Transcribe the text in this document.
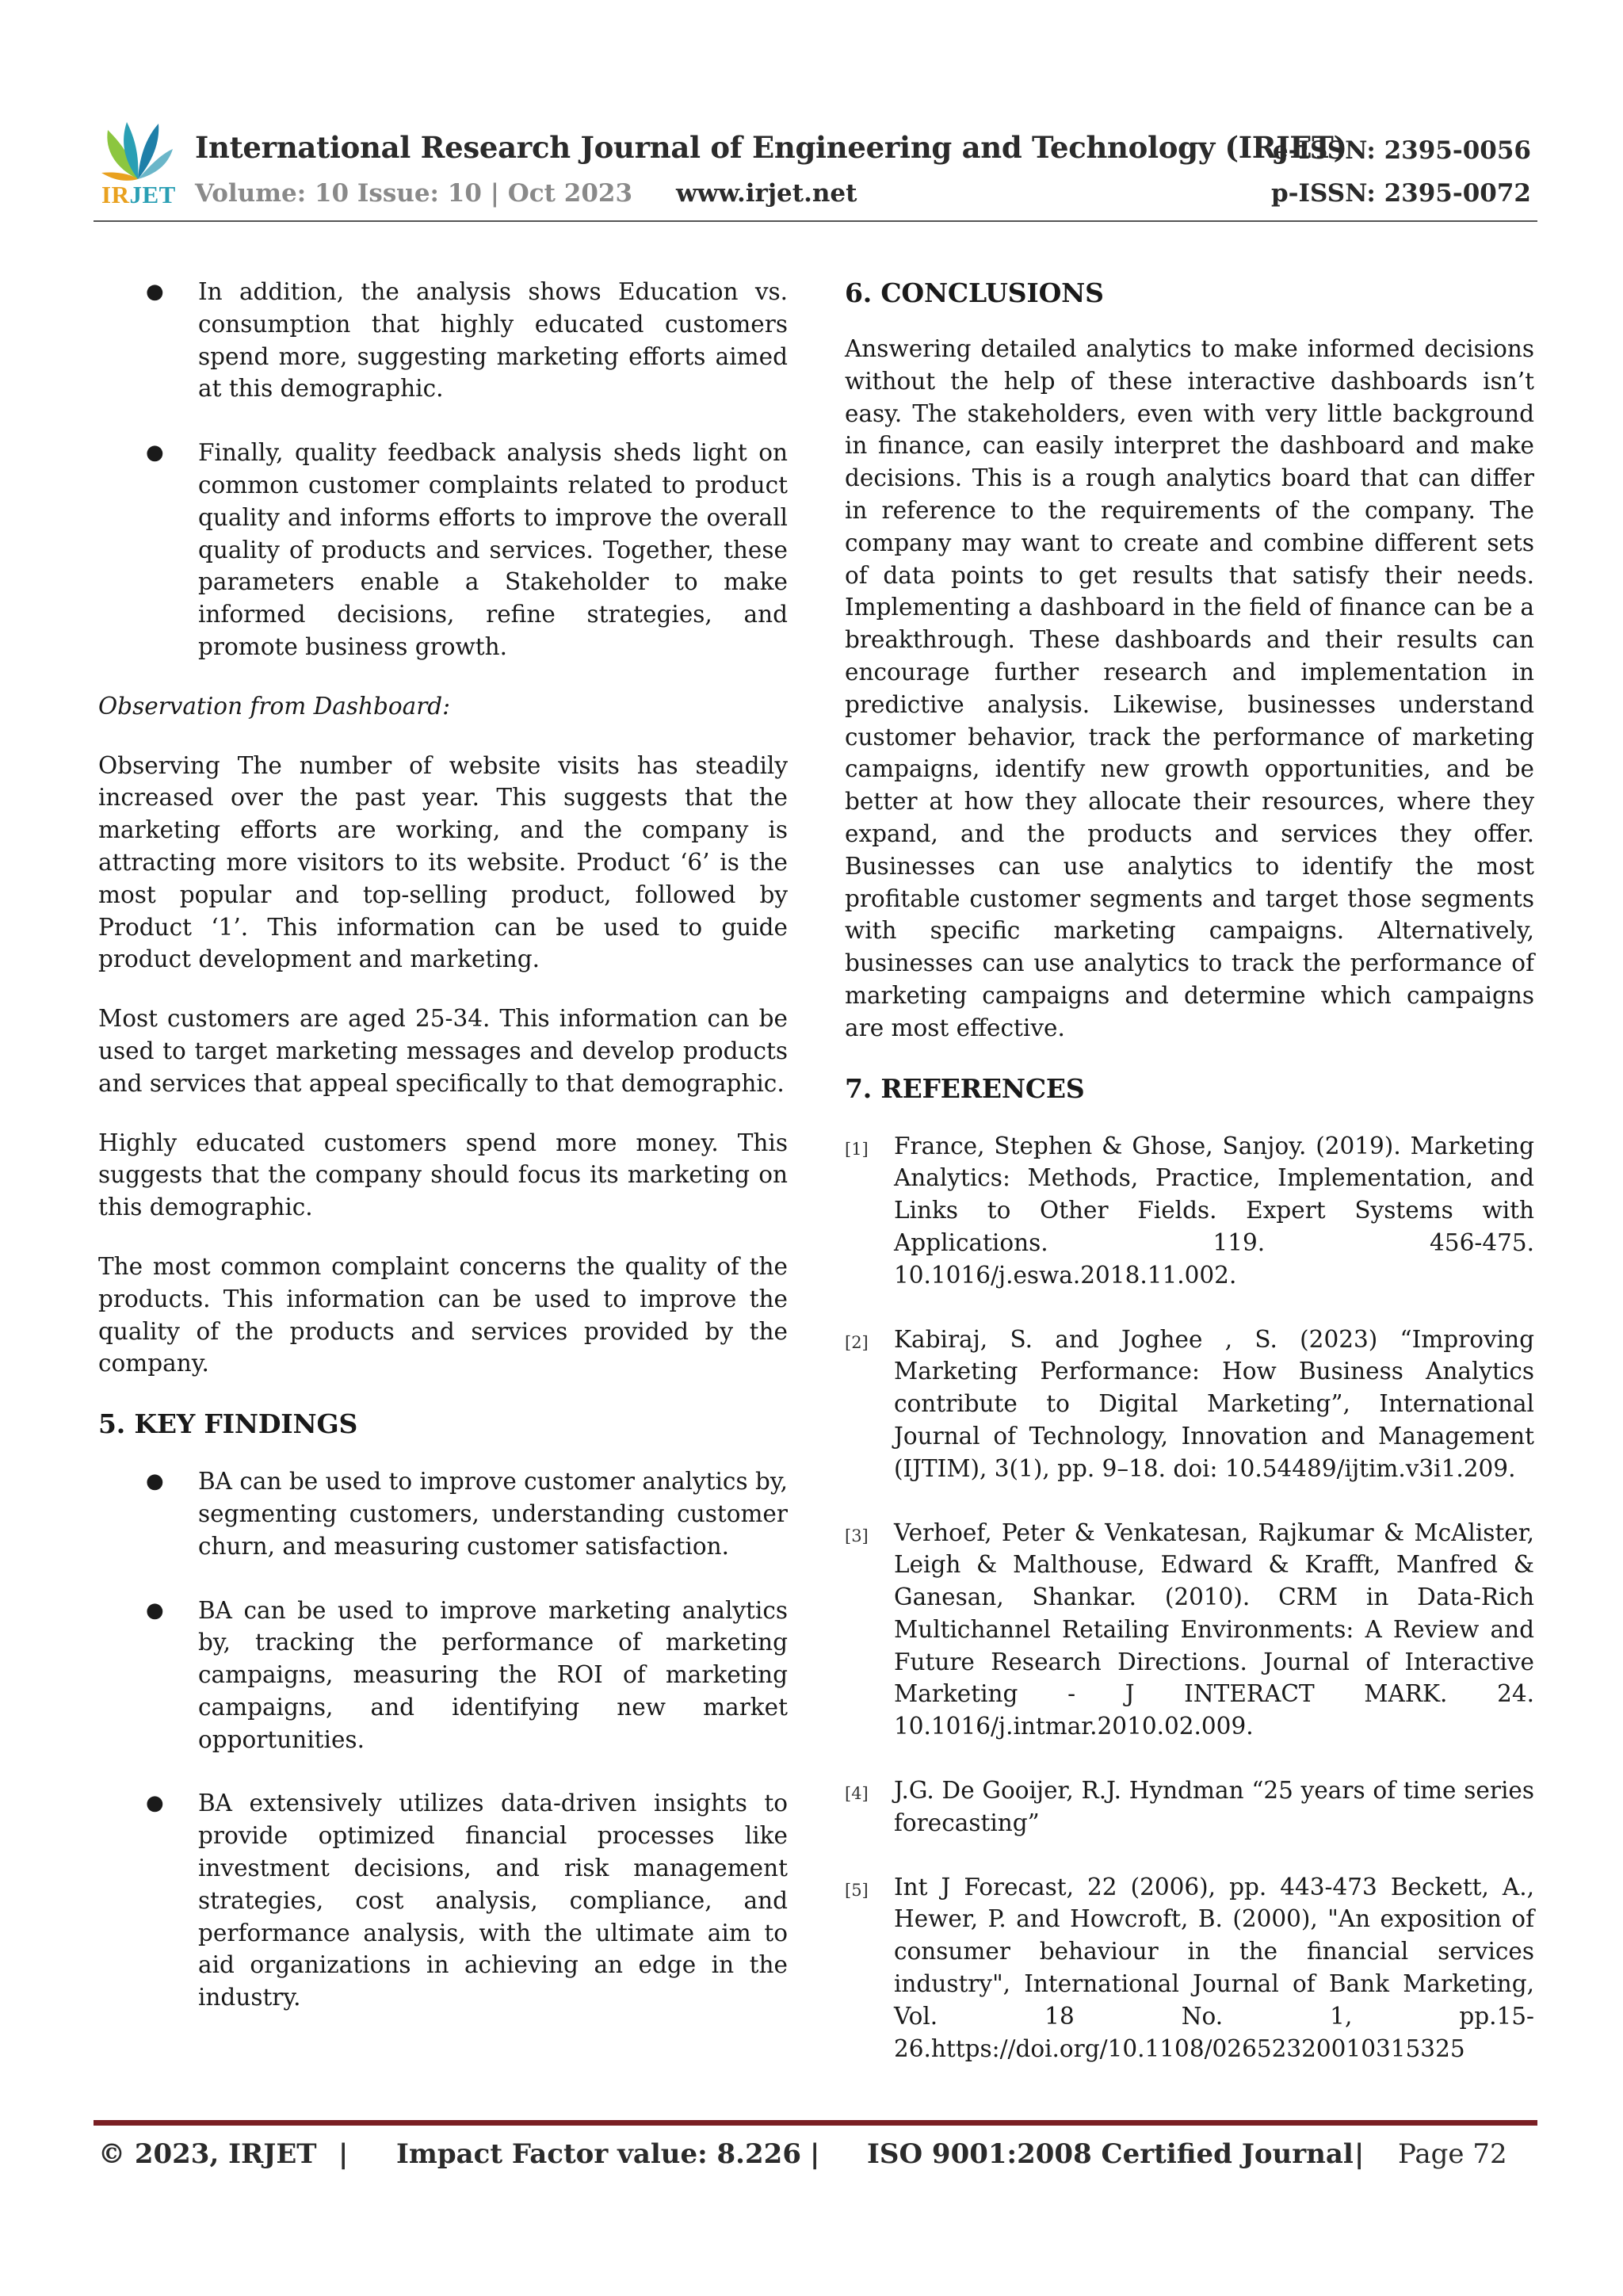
IRJET
International Research Journal of Engineering and Technology (IRJET)
e-ISSN: 2395-0056
Volume: 10 Issue: 10 | Oct 2023 www.irjet.net	p-ISSN: 2395-0072
● In addition, the analysis shows Education vs. consumption that highly educated customers spend more, suggesting marketing efforts aimed at this demographic.
● Finally, quality feedback analysis sheds light on common customer complaints related to product quality and informs efforts to improve the overall quality of products and services. Together, these parameters enable a Stakeholder to make informed decisions, refine strategies, and promote business growth.

Observation from Dashboard:

Observing The number of website visits has steadily increased over the past year. This suggests that the marketing efforts are working, and the company is attracting more visitors to its website. Product ‘6’ is the most popular and top-selling product, followed by Product ‘1’. This information can be used to guide product development and marketing.

Most customers are aged 25-34. This information can be used to target marketing messages and develop products and services that appeal specifically to that demographic.

Highly educated customers spend more money. This suggests that the company should focus its marketing on this demographic.

The most common complaint concerns the quality of the products. This information can be used to improve the quality of the products and services provided by the company.

5. KEY FINDINGS
● BA can be used to improve customer analytics by, segmenting customers, understanding customer churn, and measuring customer satisfaction.
● BA can be used to improve marketing analytics by, tracking the performance of marketing campaigns, measuring the ROI of marketing campaigns, and identifying new market opportunities.
● BA extensively utilizes data-driven insights to provide optimized financial processes like investment decisions, and risk management strategies, cost analysis, compliance, and performance analysis, with the ultimate aim to aid organizations in achieving an edge in the industry.
6. CONCLUSIONS

Answering detailed analytics to make informed decisions without the help of these interactive dashboards isn’t easy. The stakeholders, even with very little background in finance, can easily interpret the dashboard and make decisions. This is a rough analytics board that can differ in reference to the requirements of the company. The company may want to create and combine different sets of data points to get results that satisfy their needs. Implementing a dashboard in the field of finance can be a breakthrough. These dashboards and their results can encourage further research and implementation in predictive analysis. Likewise, businesses understand customer behavior, track the performance of marketing campaigns, identify new growth opportunities, and be better at how they allocate their resources, where they expand, and the products and services they offer. Businesses can use analytics to identify the most profitable customer segments and target those segments with specific marketing campaigns. Alternatively, businesses can use analytics to track the performance of marketing campaigns and determine which campaigns are most effective.

7. REFERENCES
[1] France, Stephen & Ghose, Sanjoy. (2019). Marketing Analytics: Methods, Practice, Implementation, and Links to Other Fields. Expert Systems with Applications. 119. 456-475. 10.1016/j.eswa.2018.11.002.
[2] Kabiraj, S. and Joghee , S. (2023) “Improving Marketing Performance: How Business Analytics contribute to Digital Marketing”, International Journal of Technology, Innovation and Management (IJTIM), 3(1), pp. 9–18. doi: 10.54489/ijtim.v3i1.209.
[3] Verhoef, Peter & Venkatesan, Rajkumar & McAlister, Leigh & Malthouse, Edward & Krafft, Manfred & Ganesan, Shankar. (2010). CRM in Data-Rich Multichannel Retailing Environments: A Review and Future Research Directions. Journal of Interactive Marketing - J INTERACT MARK. 24. 10.1016/j.intmar.2010.02.009.
[4] J.G. De Gooijer, R.J. Hyndman “25 years of time series forecasting”
[5] Int J Forecast, 22 (2006), pp. 443-473 Beckett, A., Hewer, P. and Howcroft, B. (2000), "An exposition of consumer behaviour in the financial services industry", International Journal of Bank Marketing, Vol. 18 No. 1, pp.15-26.https://doi.org/10.1108/02652320010315325
© 2023, IRJET | Impact Factor value: 8.226 | ISO 9001:2008 Certified Journal | Page 72
